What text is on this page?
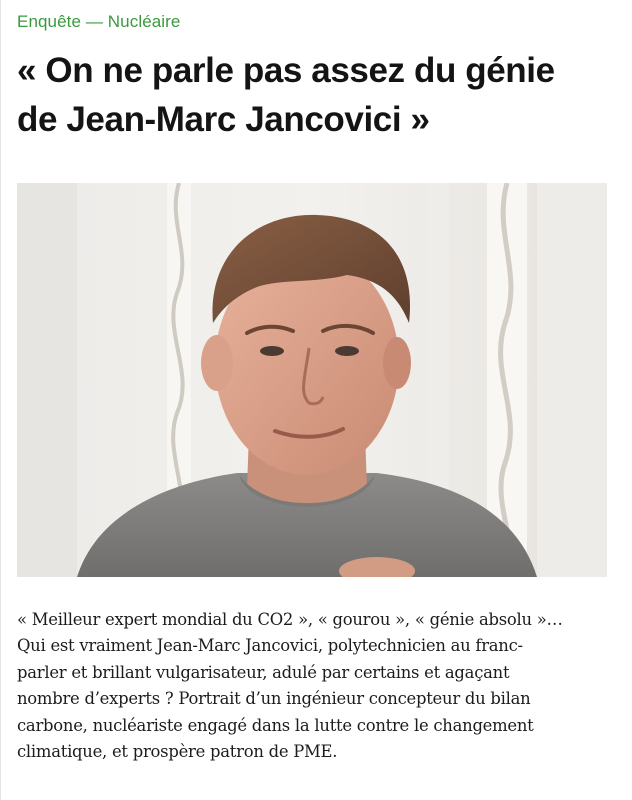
Enquête — Nucléaire
« On ne parle pas assez du génie
de Jean-Marc Jancovici »

« Meilleur expert mondial du CO2 », « gourou », « génie absolu »…
Qui est vraiment Jean-Marc Jancovici, polytechnicien au franc-
parler et brillant vulgarisateur, adulé par certains et agaçant
nombre d’experts ? Portrait d’un ingénieur concepteur du bilan
carbone, nucléariste engagé dans la lutte contre le changement
climatique, et prospère patron de PME.
